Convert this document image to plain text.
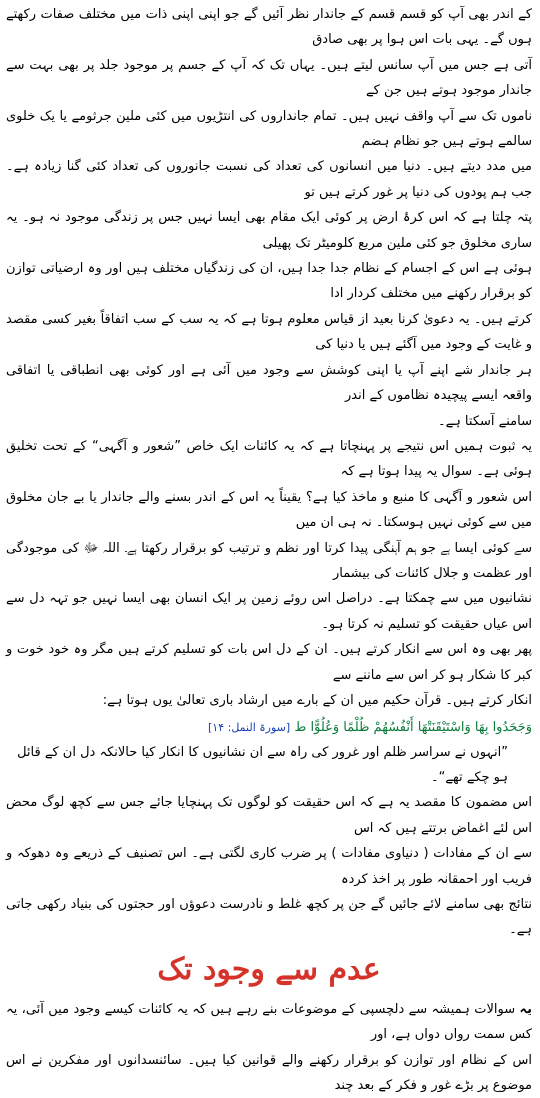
کے اندر بھی آپ کو قسم قسم کے جاندار نظر آئیں گے جو اپنی اپنی ذات میں مختلف صفات رکھتے ہوں گے۔ یہی بات اس ہوا پر بھی صادق
آتی ہے جس میں آپ سانس لیتے ہیں۔ یہاں تک کہ آپ کے جسم پر موجود جلد پر بھی بہت سے جاندار موجود ہوتے ہیں جن کے
ناموں تک سے آپ واقف نہیں ہیں۔ تمام جانداروں کی انتڑیوں میں کئی ملین جرثومے یا یک خلوی سالمے ہوتے ہیں جو نظام ہضم
میں مدد دیتے ہیں۔ دنیا میں انسانوں کی تعداد کی نسبت جانوروں کی تعداد کئی گنا زیادہ ہے۔ جب ہم پودوں کی دنیا پر غور کرتے ہیں تو
پتہ چلتا ہے کہ اس کرۂ ارض پر کوئی ایک مقام بھی ایسا نہیں جس پر زندگی موجود نہ ہو۔ یہ ساری مخلوق جو کئی ملین مربع کلومیٹر تک پھیلی
ہوئی ہے اس کے اجسام کے نظام جدا جدا ہیں، ان کی زندگیاں مختلف ہیں اور وہ ارضیاتی توازن کو برقرار رکھنے میں مختلف کردار ادا
کرتے ہیں۔ یہ دعویٰ کرنا بعید از قیاس معلوم ہوتا ہے کہ یہ سب کے سب اتفاقاً بغیر کسی مقصد و غایت کے وجود میں آگئے ہیں یا دنیا کی
ہر جاندار شے اپنے آپ یا اپنی کوشش سے وجود میں آئی ہے اور کوئی بھی انطباقی یا اتفاقی واقعہ ایسے پیچیدہ نظاموں کے اندر
سامنے آسکتا ہے۔
یہ ثبوت ہمیں اس نتیجے پر پہنچاتا ہے کہ یہ کائنات ایک خاص ”شعور و آگہی“ کے تحت تخلیق ہوئی ہے۔ سوال یہ پیدا ہوتا ہے کہ
اس شعور و آگہی کا منبع و ماخذ کیا ہے؟ یقیناً یہ اس کے اندر بسنے والے جاندار یا بے جان مخلوق میں سے کوئی نہیں ہوسکتا۔ نہ ہی ان میں
سے کوئی ایسا ہے جو ہم آہنگی پیدا کرتا اور نظم و ترتیب کو برقرار رکھتا ہے۔ اللہ ﷻ کی موجودگی اور عظمت و جلال کائنات کی بیشمار
نشانیوں میں سے چمکتا ہے۔ دراصل اس روئے زمین پر ایک انسان بھی ایسا نہیں جو تہہ دل سے اس عیاں حقیقت کو تسلیم نہ کرتا ہو۔
پھر بھی وہ اس سے انکار کرتے ہیں۔ ان کے دل اس بات کو تسلیم کرتے ہیں مگر وہ خود خوت و کبر کا شکار ہو کر اس سے ماننے سے
انکار کرتے ہیں۔ قرآن حکیم میں ان کے بارے میں ارشاد باری تعالیٰ یوں ہوتا ہے:
وَجَحَدُوا بِهَا وَاسْتَيْقَنَتْهَا أَنْفُسُهُمْ ظُلْمًا وَعُلُوًّا ط [سورۃ النمل: ۱۴]
”انہوں نے سراسر ظلم اور غرور کی راہ سے ان نشانیوں کا انکار کیا حالانکہ دل ان کے قائل ہو چکے تھے“۔
اس مضمون کا مقصد یہ ہے کہ اس حقیقت کو لوگوں تک پہنچایا جائے جس سے کچھ لوگ محض اس لئے اغماض برتتے ہیں کہ اس
سے ان کے مفادات ( دنیاوی مفادات ) پر ضرب کاری لگتی ہے۔ اس تصنیف کے ذریعے وہ دھوکہ و فریب اور احمقانہ طور پر اخذ کردہ
نتائج بھی سامنے لائے جائیں گے جن پر کچھ غلط و نادرست دعوؤں اور حجتوں کی بنیاد رکھی جاتی ہے۔
عدم سے وجود تک
یہ سوالات ہمیشہ سے دلچسپی کے موضوعات بنے رہے ہیں کہ یہ کائنات کیسے وجود میں آئی، یہ کس سمت رواں دواں ہے، اور
اس کے نظام اور توازن کو برقرار رکھنے والے قوانین کیا ہیں۔ سائنسدانوں اور مفکرین نے اس موضوع پر بڑے غور و فکر کے بعد چند
